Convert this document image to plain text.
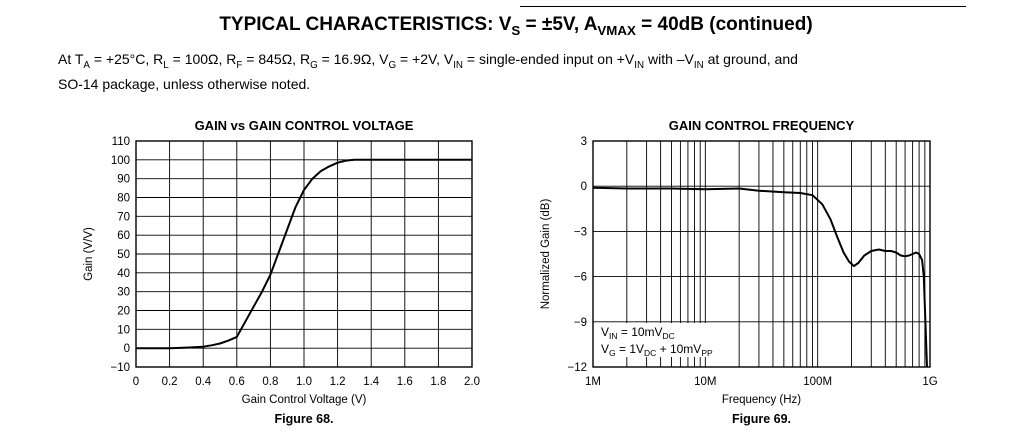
TYPICAL CHARACTERISTICS: $V_S = \pm 5V$, $A_{VMAX} = 40dB$ (continued)
At $T_A = +25^\circ C$, $R_L = 100\Omega$, $R_F = 845\Omega$, $R_G = 16.9\Omega$, $V_G = +2V$, $V_{IN}$ = single-ended input on $+V_{IN}$ with $-V_{IN}$ at ground, and
SO-14 package, unless otherwise noted.
GAIN vs GAIN CONTROL VOLTAGE
−10
0
10
20
30
40
50
60
70
80
90
100
110
0 0.2 0.4 0.6 0.8 1.0 1.2 1.4 1.6 1.8 2.0
Gain Control Voltage (V)
Gain (V/V)
Figure 68.
GAIN CONTROL FREQUENCY
−12
−9
−6
−3
0
3
1M	10M	100M	1G
Frequency (Hz)
Normalized Gain (dB)
Figure 69.
$V_{IN} = 10mV_{DC}$
$V_G = 1V_{DC} + 10mV_{PP}$
